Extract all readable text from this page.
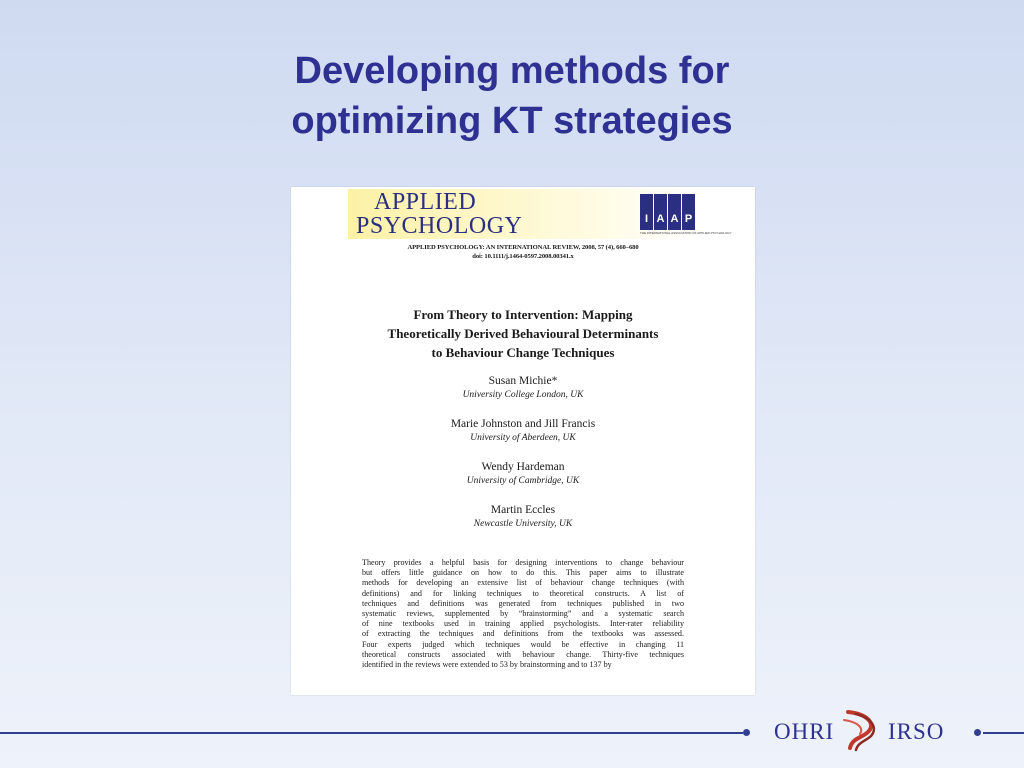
Developing methods for
optimizing KT strategies
APPLIED
PSYCHOLOGY	I A A P
THE INTERNATIONAL ASSOCIATION OF APPLIED PSYCHOLOGY
APPLIED PSYCHOLOGY: AN INTERNATIONAL REVIEW, 2008, 57 (4), 660–680
doi: 10.1111/j.1464-0597.2008.00341.x
From Theory to Intervention: Mapping
Theoretically Derived Behavioural Determinants
to Behaviour Change Techniques
Susan Michie*
University College London, UK
Marie Johnston and Jill Francis
University of Aberdeen, UK
Wendy Hardeman
University of Cambridge, UK
Martin Eccles
Newcastle University, UK
Theory provides a helpful basis for designing interventions to change behaviour
but offers little guidance on how to do this. This paper aims to illustrate
methods for developing an extensive list of behaviour change techniques (with
definitions) and for linking techniques to theoretical constructs. A list of
techniques and definitions was generated from techniques published in two
systematic reviews, supplemented by “brainstorming” and a systematic search
of nine textbooks used in training applied psychologists. Inter-rater reliability
of extracting the techniques and definitions from the textbooks was assessed.
Four experts judged which techniques would be effective in changing 11
theoretical constructs associated with behaviour change. Thirty-five techniques
identified in the reviews were extended to 53 by brainstorming and to 137 by
OHRI IRSO
